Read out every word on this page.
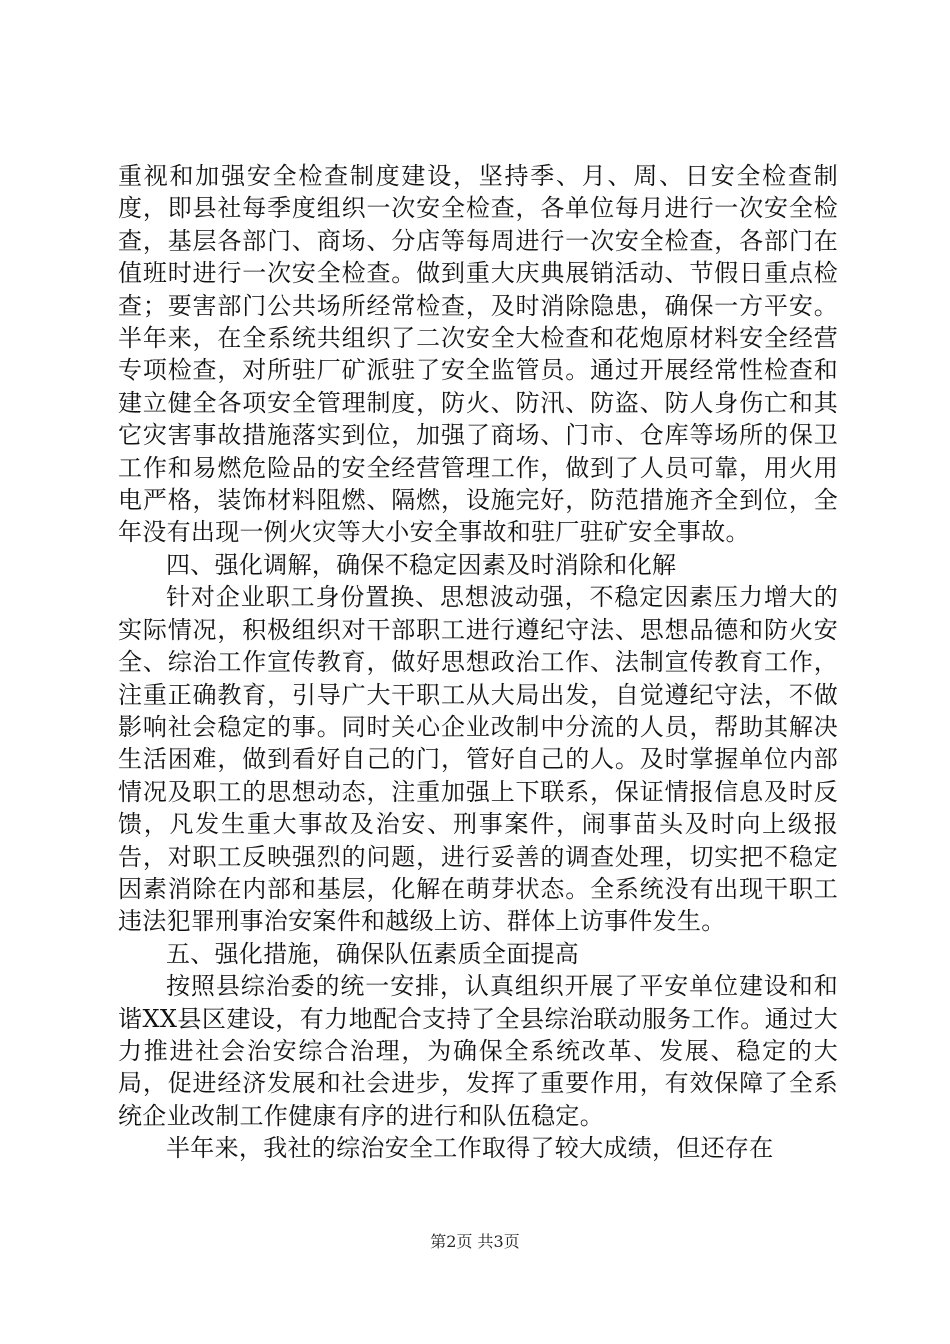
重视和加强安全检查制度建设，坚持季、月、周、日安全检查制度，即县社每季度组织一次安全检查，各单位每月进行一次安全检查，基层各部门、商场、分店等每周进行一次安全检查，各部门在值班时进行一次安全检查。做到重大庆典展销活动、节假日重点检查；要害部门公共场所经常检查，及时消除隐患，确保一方平安。半年来，在全系统共组织了二次安全大检查和花炮原材料安全经营专项检查，对所驻厂矿派驻了安全监管员。通过开展经常性检查和建立健全各项安全管理制度，防火、防汛、防盗、防人身伤亡和其它灾害事故措施落实到位，加强了商场、门市、仓库等场所的保卫工作和易燃危险品的安全经营管理工作，做到了人员可靠，用火用电严格，装饰材料阻燃、隔燃，设施完好，防范措施齐全到位，全年没有出现一例火灾等大小安全事故和驻厂驻矿安全事故。

四、强化调解，确保不稳定因素及时消除和化解

针对企业职工身份置换、思想波动强，不稳定因素压力增大的实际情况，积极组织对干部职工进行遵纪守法、思想品德和防火安全、综治工作宣传教育，做好思想政治工作、法制宣传教育工作，注重正确教育，引导广大干职工从大局出发，自觉遵纪守法，不做影响社会稳定的事。同时关心企业改制中分流的人员，帮助其解决生活困难，做到看好自己的门，管好自己的人。及时掌握单位内部情况及职工的思想动态，注重加强上下联系，保证情报信息及时反馈，凡发生重大事故及治安、刑事案件，闹事苗头及时向上级报告，对职工反映强烈的问题，进行妥善的调查处理，切实把不稳定因素消除在内部和基层，化解在萌芽状态。全系统没有出现干职工违法犯罪刑事治安案件和越级上访、群体上访事件发生。

五、强化措施，确保队伍素质全面提高

按照县综治委的统一安排，认真组织开展了平安单位建设和和谐XX县区建设，有力地配合支持了全县综治联动服务工作。通过大力推进社会治安综合治理，为确保全系统改革、发展、稳定的大局，促进经济发展和社会进步，发挥了重要作用，有效保障了全系统企业改制工作健康有序的进行和队伍稳定。

半年来，我社的综治安全工作取得了较大成绩，但还存在

第2页 共3页
